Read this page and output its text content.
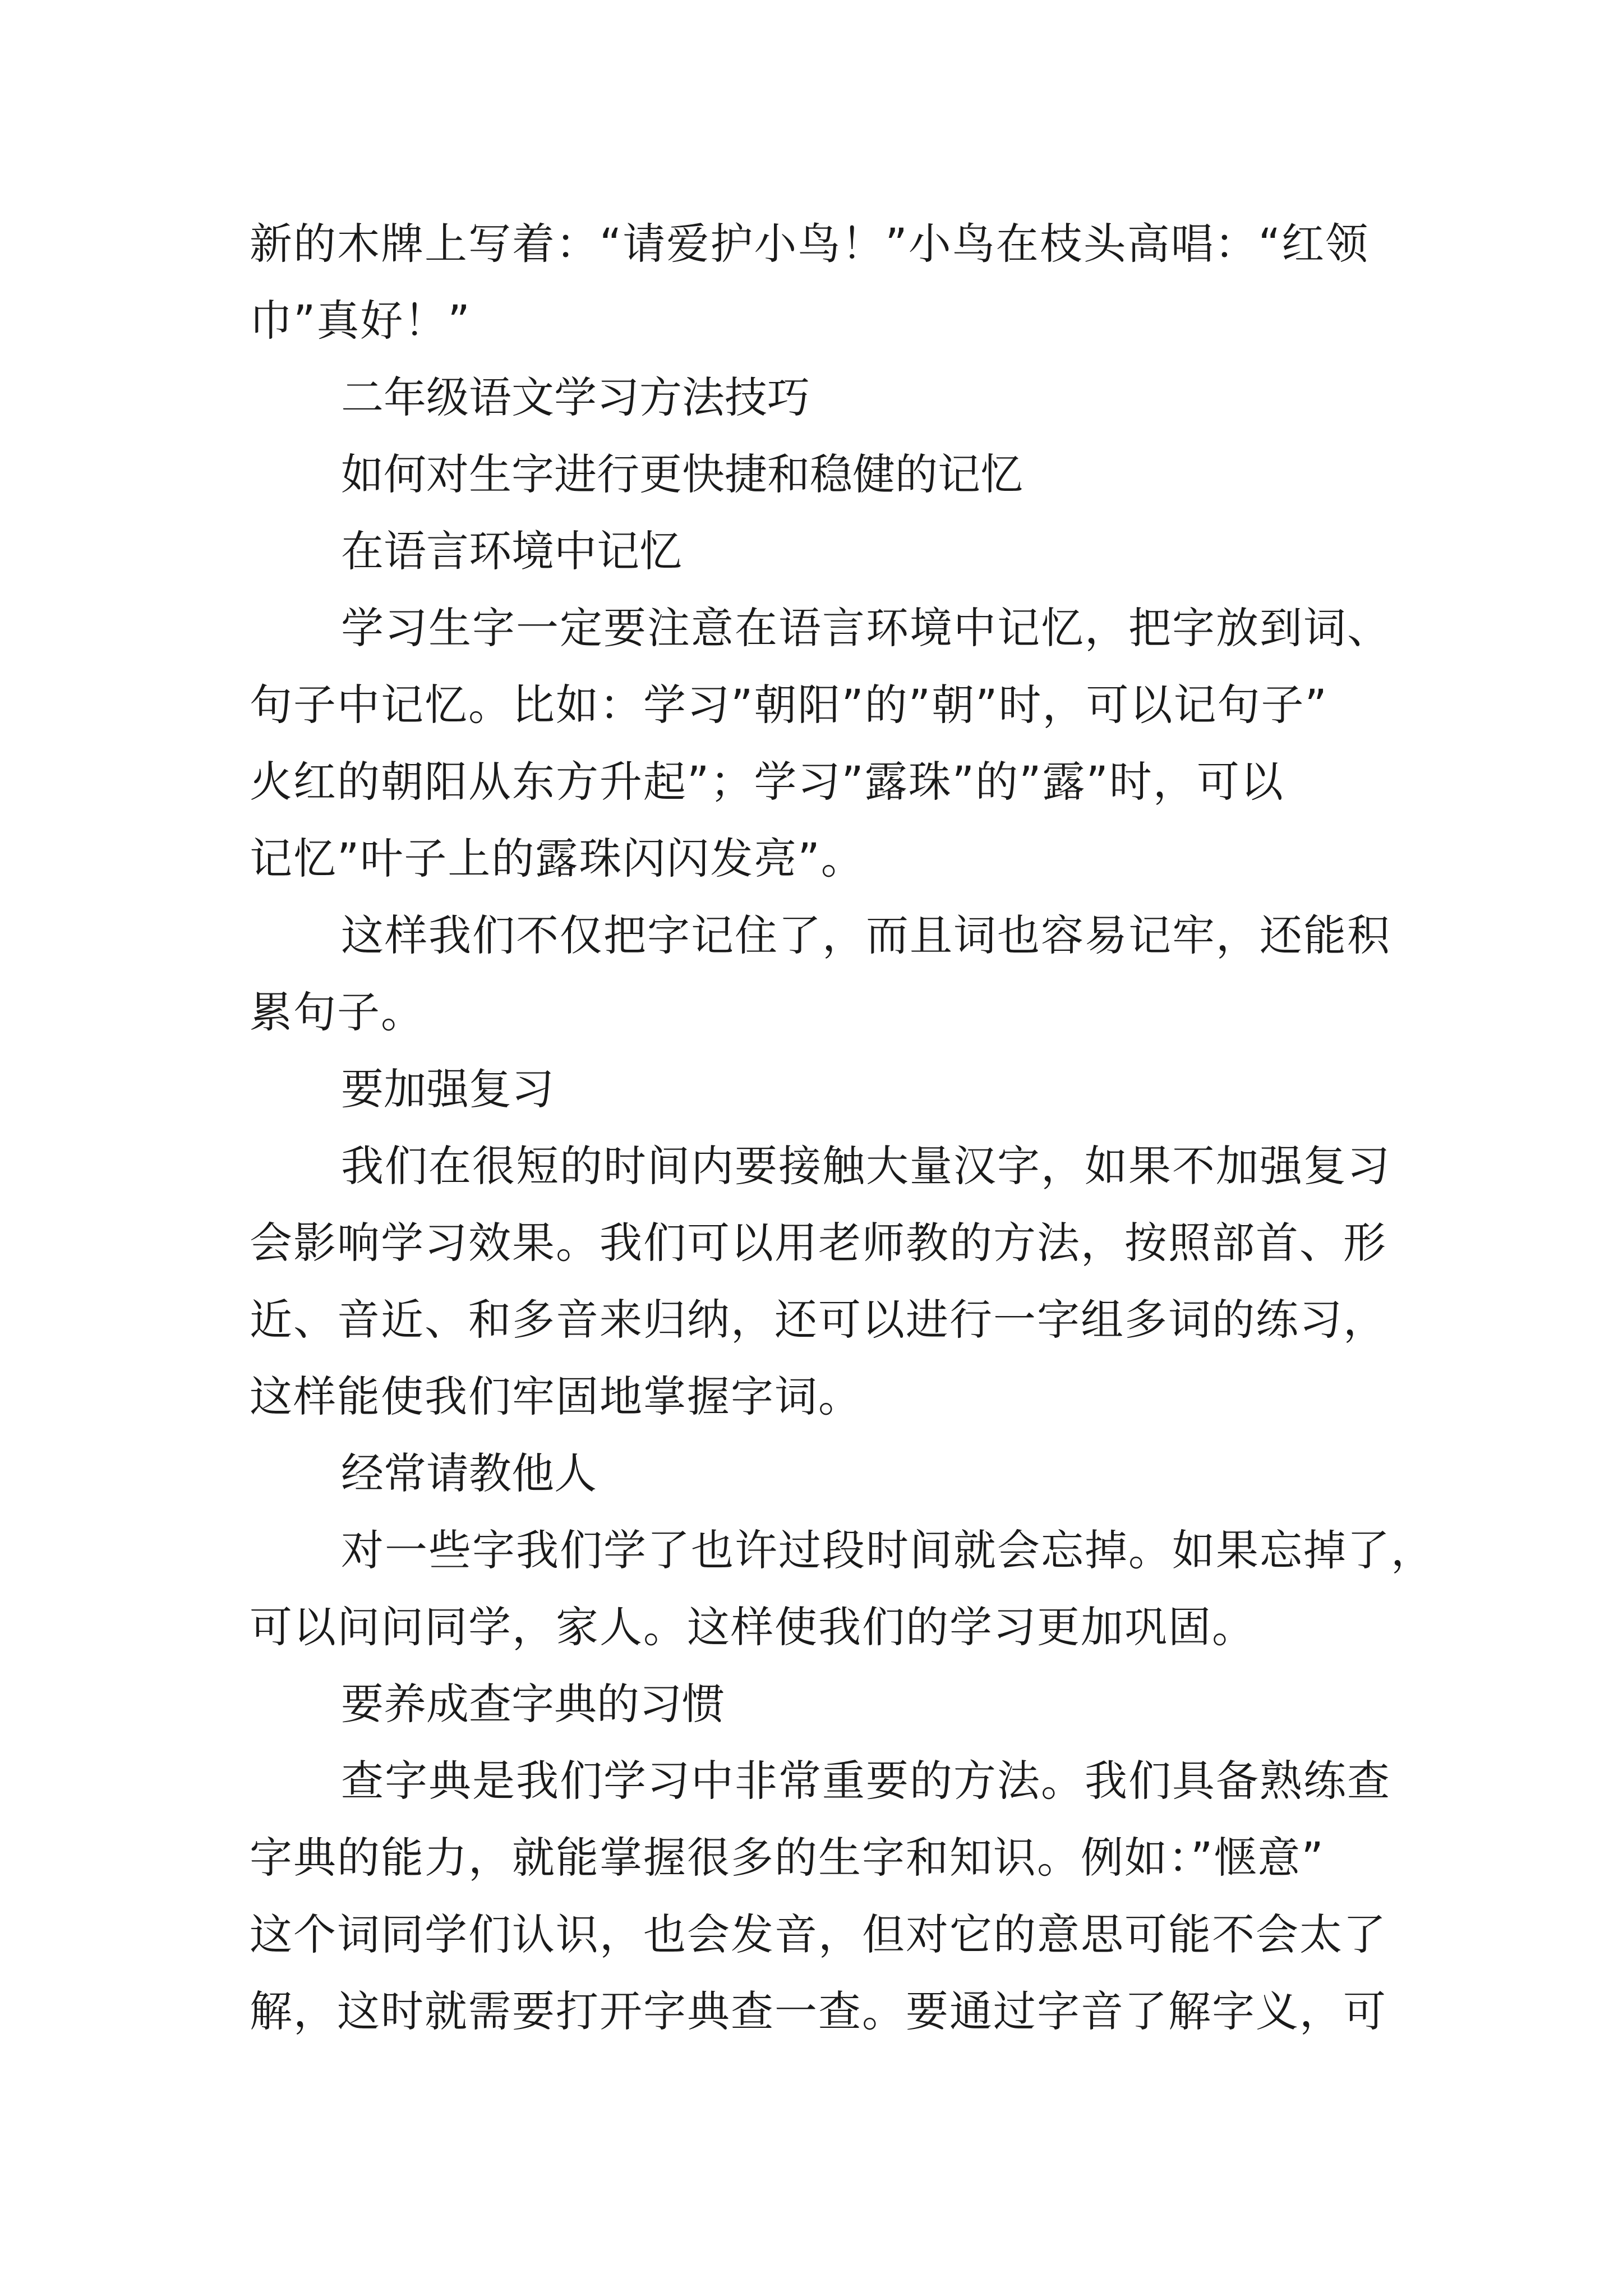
新的木牌上写着：“请爱护小鸟！”小鸟在枝头高唱：“红领
巾”真好！”
二年级语文学习方法技巧
如何对生字进行更快捷和稳健的记忆
在语言环境中记忆
学习生字一定要注意在语言环境中记忆，把字放到词、
句子中记忆。比如：学习”朝阳”的”朝”时，可以记句子”
火红的朝阳从东方升起”；学习”露珠”的”露”时，可以
记忆”叶子上的露珠闪闪发亮”。
这样我们不仅把字记住了，而且词也容易记牢，还能积
累句子。
要加强复习
我们在很短的时间内要接触大量汉字，如果不加强复习
会影响学习效果。我们可以用老师教的方法，按照部首、形
近、音近、和多音来归纳，还可以进行一字组多词的练习，
这样能使我们牢固地掌握字词。
经常请教他人
对一些字我们学了也许过段时间就会忘掉。如果忘掉了，
可以问问同学，家人。这样使我们的学习更加巩固。
要养成查字典的习惯
查字典是我们学习中非常重要的方法。我们具备熟练查
字典的能力，就能掌握很多的生字和知识。例如：”惬意”
这个词同学们认识，也会发音，但对它的意思可能不会太了
解，这时就需要打开字典查一查。要通过字音了解字义，可
